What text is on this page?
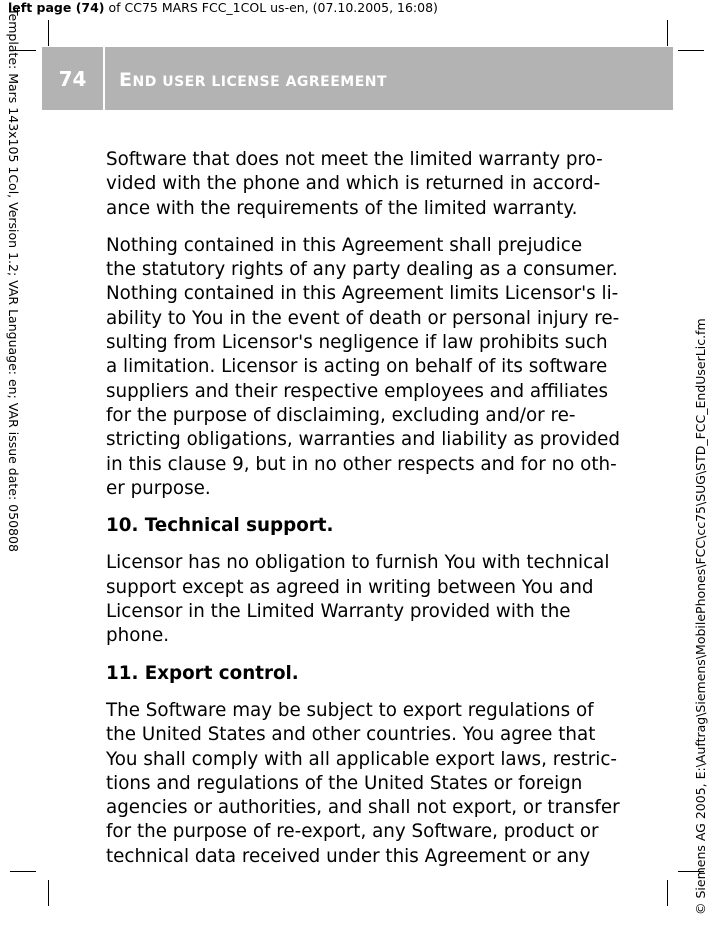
left page (74) of CC75 MARS FCC_1COL us-en, (07.10.2005, 16:08)
Template: Mars 143x105 1Col, Version 1.2; VAR Language: en; VAR issue date: 050808
© Siemens AG 2005, E:\Auftrag\Siemens\MobilePhones\FCC\cc75\SUG\STD_FCC_EndUserLic.fm
74	END USER LICENSE AGREEMENT

Software that does not meet the limited warranty pro-
vided with the phone and which is returned in accord-
ance with the requirements of the limited warranty.

Nothing contained in this Agreement shall prejudice
the statutory rights of any party dealing as a consumer.
Nothing contained in this Agreement limits Licensor's li-
ability to You in the event of death or personal injury re-
sulting from Licensor's negligence if law prohibits such
a limitation. Licensor is acting on behalf of its software
suppliers and their respective employees and affiliates
for the purpose of disclaiming, excluding and/or re-
stricting obligations, warranties and liability as provided
in this clause 9, but in no other respects and for no oth-
er purpose.

10. Technical support.

Licensor has no obligation to furnish You with technical
support except as agreed in writing between You and
Licensor in the Limited Warranty provided with the
phone.

11. Export control.

The Software may be subject to export regulations of
the United States and other countries. You agree that
You shall comply with all applicable export laws, restric-
tions and regulations of the United States or foreign
agencies or authorities, and shall not export, or transfer
for the purpose of re-export, any Software, product or
technical data received under this Agreement or any
